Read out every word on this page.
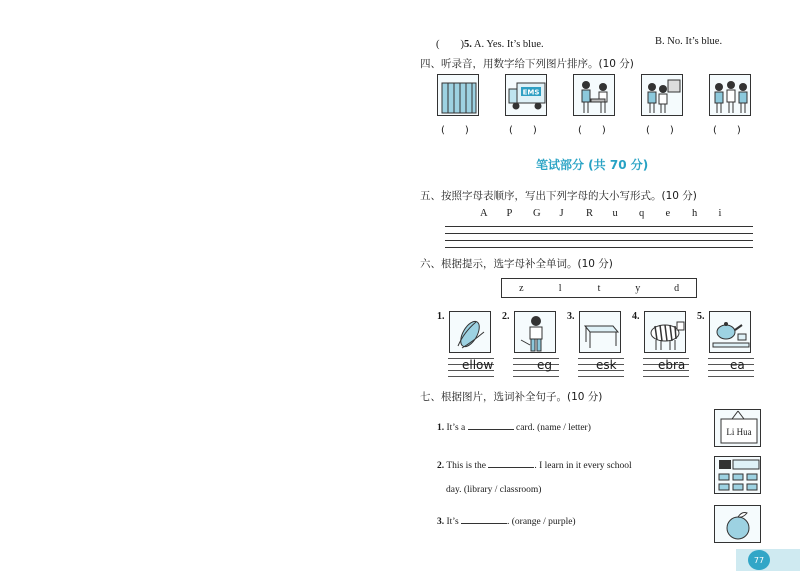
(　　)5. A. Yes. It’s blue.	B. No. It’s blue.
四、听录音，用数字给下列图片排序。(10 分)
EMS
(　　)	(　　)	(　　)	(　　)	(　　)
笔试部分 (共 70 分)
五、按照字母表顺序，写出下列字母的大小写形式。(10 分)
A	P	G	J	R	u	q	e	h	i
六、根据提示，选字母补全单词。(10 分)
z	l	t	y	d
1.
ellow
2.
eg
3.
esk
4.
ebra
5.
ea
七、根据图片，选词补全句子。(10 分)
1. It’s a	card. (name / letter)	Li Hua
2. This is the	. I learn in it every school
day. (library / classroom)
3. It’s	. (orange / purple)
77
